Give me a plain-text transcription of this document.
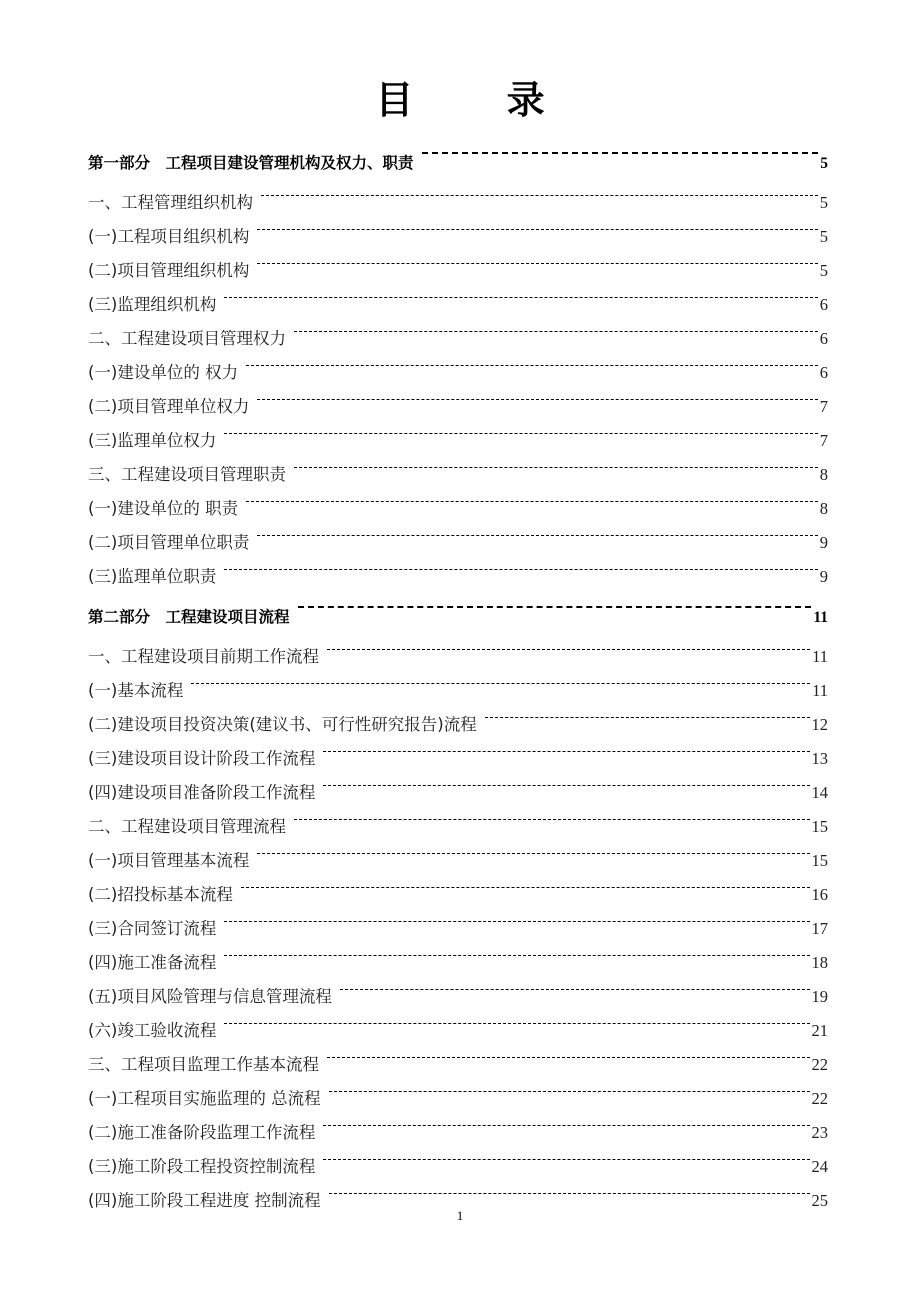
目 录
第一部分　工程项目建设管理机构及权力、职责	5
一、工程管理组织机构	5
(一)工程项目组织机构	5
(二)项目管理组织机构	5
(三)监理组织机构	6
二、工程建设项目管理权力	6
(一)建设单位的 权力	6
(二)项目管理单位权力	7
(三)监理单位权力	7
三、工程建设项目管理职责	8
(一)建设单位的 职责	8
(二)项目管理单位职责	9
(三)监理单位职责	9
第二部分　工程建设项目流程	11
一、工程建设项目前期工作流程	11
(一)基本流程	11
(二)建设项目投资决策(建议书、可行性研究报告)流程	12
(三)建设项目设计阶段工作流程	13
(四)建设项目准备阶段工作流程	14
二、工程建设项目管理流程	15
(一)项目管理基本流程	15
(二)招投标基本流程	16
(三)合同签订流程	17
(四)施工准备流程	18
(五)项目风险管理与信息管理流程	19
(六)竣工验收流程	21
三、工程项目监理工作基本流程	22
(一)工程项目实施监理的 总流程	22
(二)施工准备阶段监理工作流程	23
(三)施工阶段工程投资控制流程	24
(四)施工阶段工程进度 控制流程	25
1
